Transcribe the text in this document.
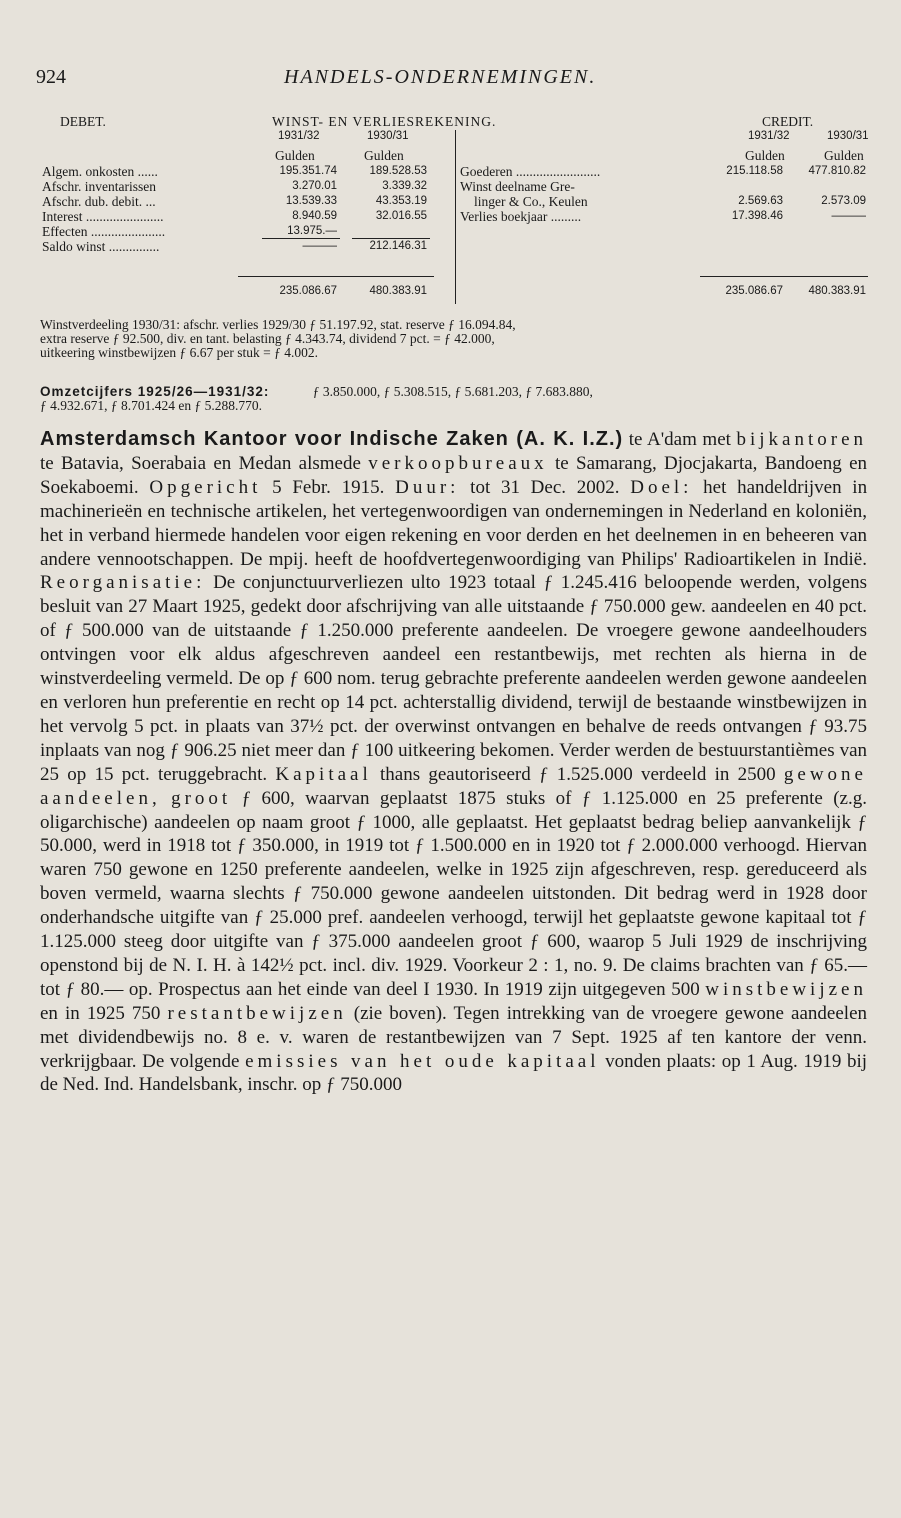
924	HANDELS-ONDERNEMINGEN.
DEBET.	WINST- EN VERLIESREKENING.	CREDIT.
1931/32	1930/31	1931/32	1930/31
Gulden	Gulden	Gulden	Gulden
Algem. onkosten ......	195.351.74	189.528.53
Afschr. inventarissen	3.270.01	3.339.32
Afschr. dub. debit. ...	13.539.33	43.353.19
Interest .......................	8.940.59	32.016.55
Effecten ......................	13.975.—
Saldo winst ...............	———	212.146.31
Goederen .........................	215.118.58	477.810.82
Winst deelname Gre-
linger & Co., Keulen	2.569.63	2.573.09
Verlies boekjaar .........	17.398.46	———
235.086.67	480.383.91	235.086.67	480.383.91
Winstverdeeling 1930/31: afschr. verlies 1929/30 ƒ 51.197.92, stat. reserve ƒ 16.094.84,
extra reserve ƒ 92.500, div. en tant. belasting ƒ 4.343.74, dividend 7 pct. = ƒ 42.000,
uitkeering winstbewijzen ƒ 6.67 per stuk = ƒ 4.002.
Omzetcijfers 1925/26—1931/32:	ƒ 3.850.000, ƒ 5.308.515, ƒ 5.681.203, ƒ 7.683.880,
ƒ 4.932.671, ƒ 8.701.424 en ƒ 5.288.770.
Amsterdamsch Kantoor voor Indische Zaken (A. K. I.Z.) te A'dam met bijkantoren te Batavia, Soerabaia en Medan alsmede verkoopbureaux te Samarang, Djocjakarta, Bandoeng en Soekaboemi. Opgericht 5 Febr. 1915. Duur: tot 31 Dec. 2002. Doel: het handeldrijven in machinerieën en technische artikelen, het vertegenwoordigen van ondernemingen in Nederland en koloniën, het in verband hiermede handelen voor eigen rekening en voor derden en het deelnemen in en beheeren van andere vennootschappen. De mpij. heeft de hoofdvertegenwoordiging van Philips' Radioartikelen in Indië. Reorganisatie: De conjunctuurverliezen ulto 1923 totaal ƒ 1.245.416 beloopende werden, volgens besluit van 27 Maart 1925, gedekt door afschrijving van alle uitstaande ƒ 750.000 gew. aandeelen en 40 pct. of ƒ 500.000 van de uitstaande ƒ 1.250.000 preferente aandeelen. De vroegere gewone aandeelhouders ontvingen voor elk aldus afgeschreven aandeel een restantbewijs, met rechten als hierna in de winstverdeeling vermeld. De op ƒ 600 nom. terug gebrachte preferente aandeelen werden gewone aandeelen en verloren hun preferentie en recht op 14 pct. achterstallig dividend, terwijl de bestaande winstbewijzen in het vervolg 5 pct. in plaats van 37½ pct. der overwinst ontvangen en behalve de reeds ontvangen ƒ 93.75 inplaats van nog ƒ 906.25 niet meer dan ƒ 100 uitkeering bekomen. Verder werden de bestuurstantièmes van 25 op 15 pct. teruggebracht. Kapitaal thans geautoriseerd ƒ 1.525.000 verdeeld in 2500 gewone aandeelen, groot ƒ 600, waarvan geplaatst 1875 stuks of ƒ 1.125.000 en 25 preferente (z.g. oligarchische) aandeelen op naam groot ƒ 1000, alle geplaatst. Het geplaatst bedrag beliep aanvankelijk ƒ 50.000, werd in 1918 tot ƒ 350.000, in 1919 tot ƒ 1.500.000 en in 1920 tot ƒ 2.000.000 verhoogd. Hiervan waren 750 gewone en 1250 preferente aandeelen, welke in 1925 zijn afgeschreven, resp. gereduceerd als boven vermeld, waarna slechts ƒ 750.000 gewone aandeelen uitstonden. Dit bedrag werd in 1928 door onderhandsche uitgifte van ƒ 25.000 pref. aandeelen verhoogd, terwijl het geplaatste gewone kapitaal tot ƒ 1.125.000 steeg door uitgifte van ƒ 375.000 aandeelen groot ƒ 600, waarop 5 Juli 1929 de inschrijving openstond bij de N. I. H. à 142½ pct. incl. div. 1929. Voorkeur 2 : 1, no. 9. De claims brachten van ƒ 65.— tot ƒ 80.— op. Prospectus aan het einde van deel I 1930. In 1919 zijn uitgegeven 500 winstbewijzen en in 1925 750 restantbewijzen (zie boven). Tegen intrekking van de vroegere gewone aandeelen met dividendbewijs no. 8 e. v. waren de restantbewijzen van 7 Sept. 1925 af ten kantore der venn. verkrijgbaar. De volgende emissies van het oude kapitaal vonden plaats: op 1 Aug. 1919 bij de Ned. Ind. Handelsbank, inschr. op ƒ 750.000
